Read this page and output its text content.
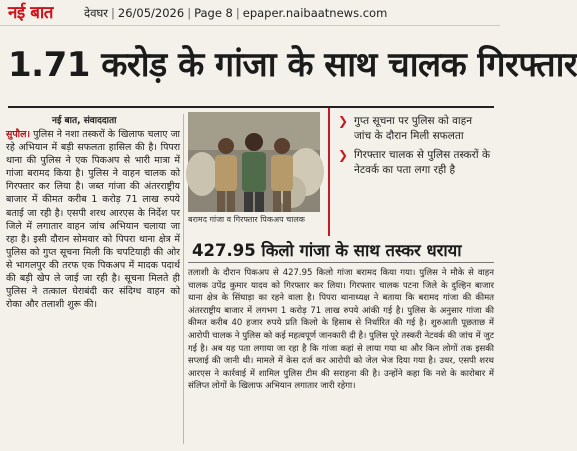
नई बात	देवघर | 26/05/2026 | Page 8 | epaper.naibaatnews.com
1.71 करोड़ के गांजा के साथ चालक गिरफ्तार
नई बात, संवाददाता

सुपौल। पुलिस ने नशा तस्करों के खिलाफ चलाए जा रहे अभियान में बड़ी सफलता हासिल की है। पिपरा थाना की पुलिस ने एक पिकअप से भारी मात्रा में गांजा बरामद किया है। पुलिस ने वाहन चालक को गिरफ्तार कर लिया है। जब्त गांजा की अंतरराष्ट्रीय बाजार में कीमत करीब 1 करोड़ 71 लाख रुपये बताई जा रही है। एसपी शरथ आरएस के निर्देश पर जिले में लगातार वाहन जांच अभियान चलाया जा रहा है। इसी दौरान सोमवार को पिपरा थाना क्षेत्र में पुलिस को गुप्त सूचना मिली कि चपटियाही की ओर से भागलपुर की तरफ एक पिकअप में मादक पदार्थ की बड़ी खेप ले जाई जा रही है। सूचना मिलते ही पुलिस ने तत्काल घेराबंदी कर संदिग्ध वाहन को रोका और तलाशी शुरू की।

बरामद गांजा व गिरफ्तार पिकअप चालक
❯ गुप्त सूचना पर पुलिस को वाहन जांच के दौरान मिली सफलता
❯ गिरफ्तार चालक से पुलिस तस्करों के नेटवर्क का पता लगा रही है
427.95 किलो गांजा के साथ तस्कर धराया

तलाशी के दौरान पिकअप से 427.95 किलो गांजा बरामद किया गया। पुलिस ने मौके से वाहन चालक उपेंद्र कुमार यादव को गिरफ्तार कर लिया। गिरफ्तार चालक पटना जिले के दुल्हिन बाजार थाना क्षेत्र के सिंघाड़ा का रहने वाला है। पिपरा थानाध्यक्ष ने बताया कि बरामद गांजा की कीमत अंतरराष्ट्रीय बाजार में लगभग 1 करोड़ 71 लाख रुपये आंकी गई है। पुलिस के अनुसार गांजा की कीमत करीब 40 हजार रुपये प्रति किलो के हिसाब से निर्धारित की गई है। शुरुआती पूछताछ में आरोपी चालक ने पुलिस को कई महत्वपूर्ण जानकारी दी है। पुलिस पूरे तस्करी नेटवर्क की जांच में जुट गई है। अब यह पता लगाया जा रहा है कि गांजा कहां से लाया गया था और किन लोगों तक इसकी सप्लाई की जानी थी। मामले में केस दर्ज कर आरोपी को जेल भेज दिया गया है। उधर, एसपी शरथ आरएस ने कार्रवाई में शामिल पुलिस टीम की सराहना की है। उन्होंने कहा कि नशे के कारोबार में संलिप्त लोगों के खिलाफ अभियान लगातार जारी रहेगा।
